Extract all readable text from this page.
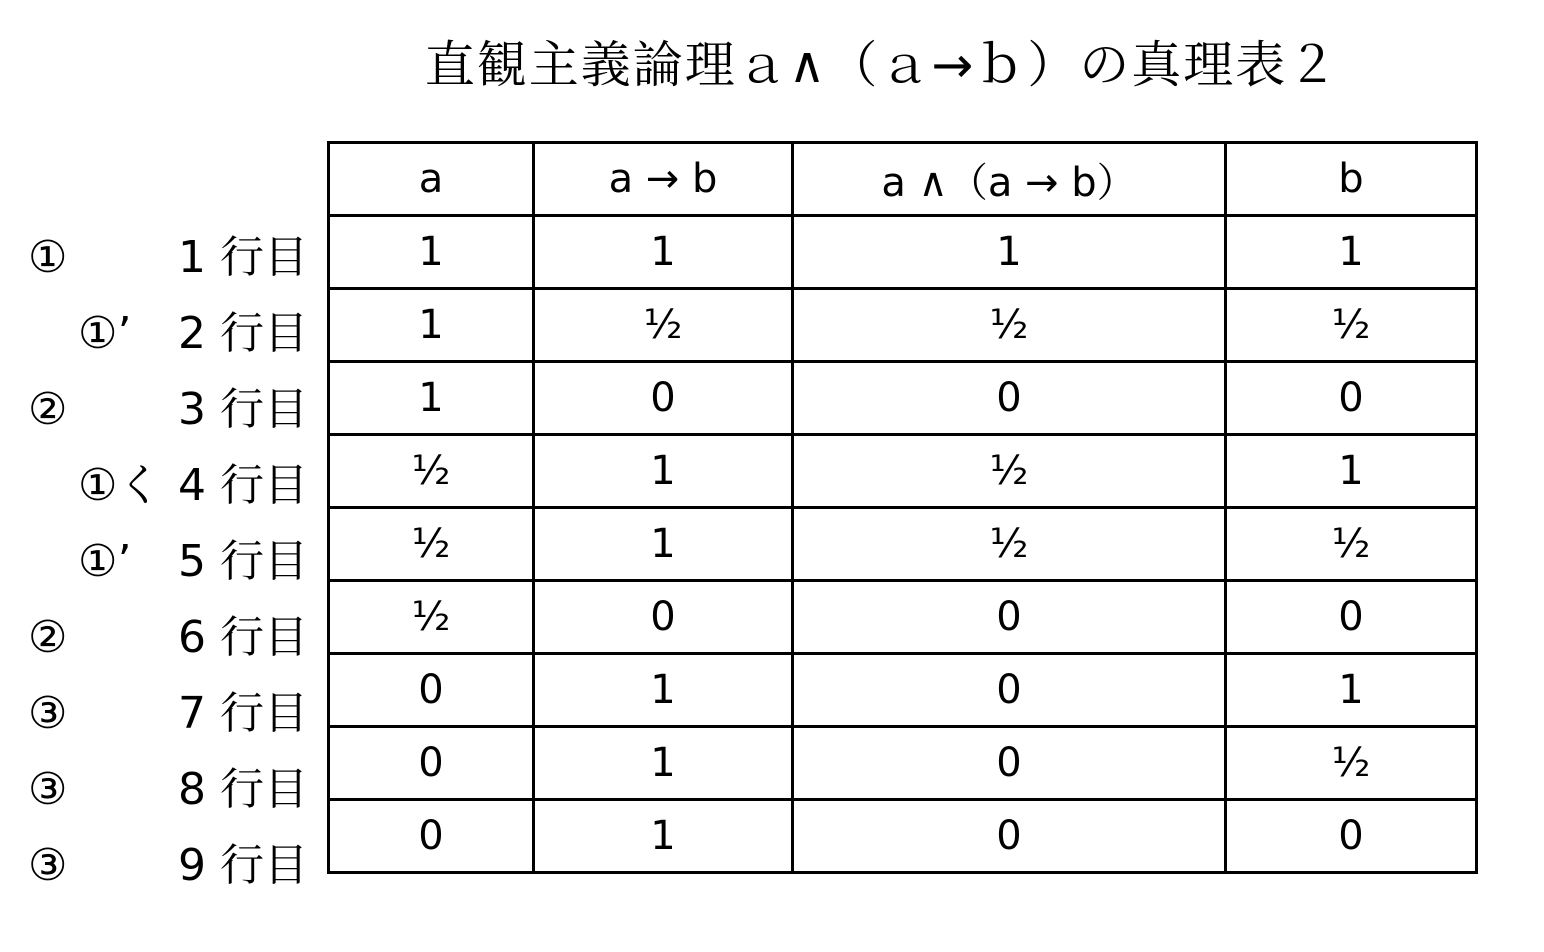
直観主義論理ａ∧（ａ→ｂ）の真理表２
a	a → b	a ∧（a → b）	b
1	1	1	1
1	½	½	½
1	0	0	0
½	1	½	1
½	1	½	½
½	0	0	0
0	1	0	1
0	1	0	½
0	1	0	0
①	1 行目
①’ 2 行目
②	3 行目
①く 4 行目
①’ 5 行目
②	6 行目
③	7 行目
③	8 行目
③	9 行目
